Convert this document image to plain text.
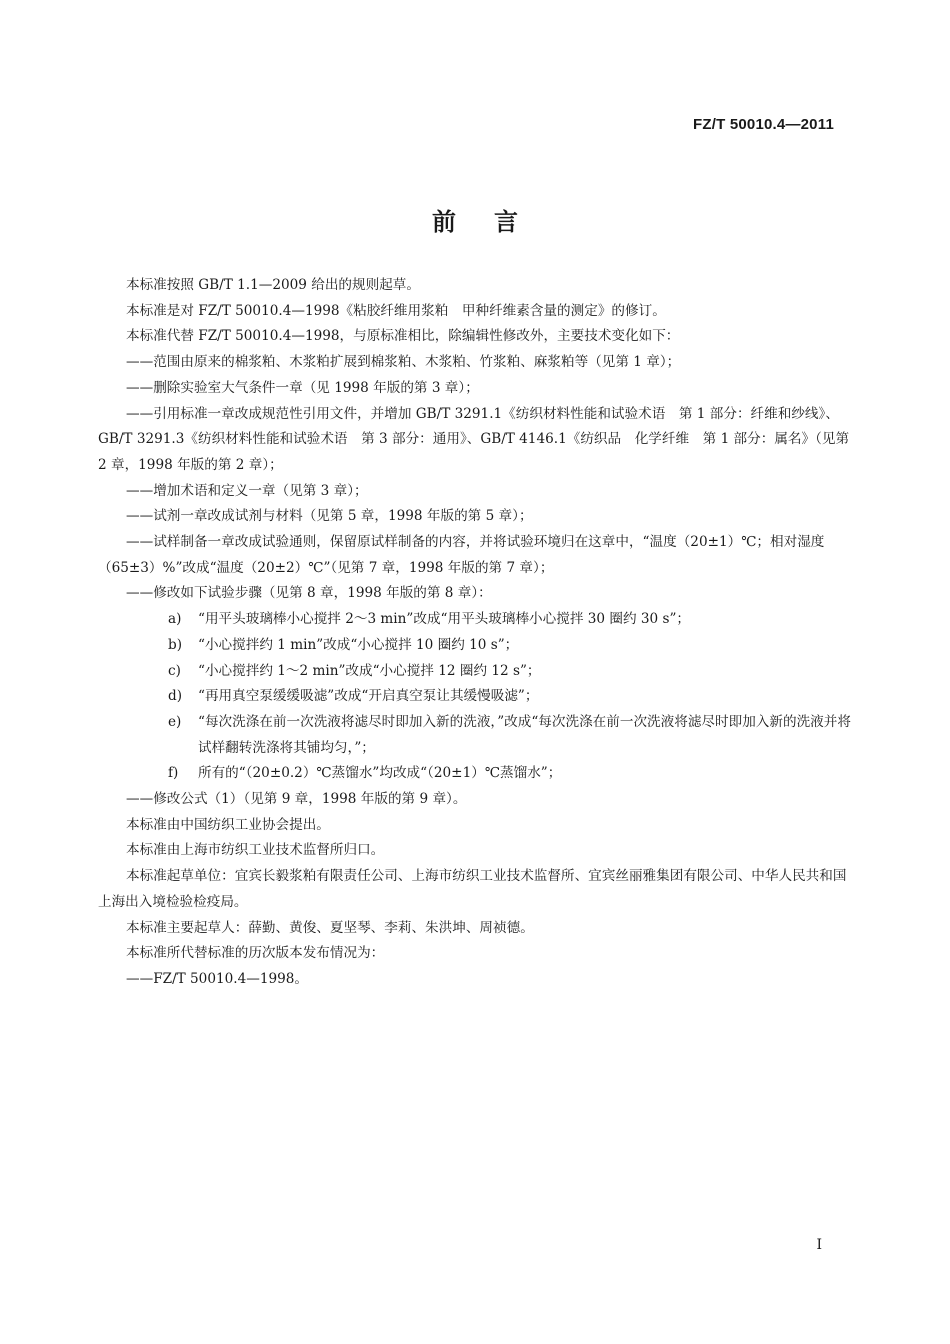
FZ/T 50010.4—2011
前言
本标准按照 GB/T 1.1—2009 给出的规则起草。
本标准是对 FZ/T 50010.4—1998《粘胶纤维用浆粕　甲种纤维素含量的测定》的修订。
本标准代替 FZ/T 50010.4—1998，与原标准相比，除编辑性修改外，主要技术变化如下：
——范围由原来的棉浆粕、木浆粕扩展到棉浆粕、木浆粕、竹浆粕、麻浆粕等（见第 1 章）；
——删除实验室大气条件一章（见 1998 年版的第 3 章）；
——引用标准一章改成规范性引用文件，并增加 GB/T 3291.1《纺织材料性能和试验术语　第 1 部分：纤维和纱线》、GB/T 3291.3《纺织材料性能和试验术语　第 3 部分：通用》、GB/T 4146.1《纺织品　化学纤维　第 1 部分：属名》（见第 2 章，1998 年版的第 2 章）；
——增加术语和定义一章（见第 3 章）；
——试剂一章改成试剂与材料（见第 5 章，1998 年版的第 5 章）；
——试样制备一章改成试验通则，保留原试样制备的内容，并将试验环境归在这章中，“温度（20±1）℃；相对湿度（65±3）%”改成“温度（20±2）℃”（见第 7 章，1998 年版的第 7 章）；
——修改如下试验步骤（见第 8 章，1998 年版的第 8 章）：
a)	“用平头玻璃棒小心搅拌 2～3 min”改成“用平头玻璃棒小心搅拌 30 圈约 30 s”；
b)	“小心搅拌约 1 min”改成“小心搅拌 10 圈约 10 s”；
c)	“小心搅拌约 1～2 min”改成“小心搅拌 12 圈约 12 s”；
d)	“再用真空泵缓缓吸滤”改成“开启真空泵让其缓慢吸滤”；
e)	“每次洗涤在前一次洗液将滤尽时即加入新的洗液，”改成“每次洗涤在前一次洗液将滤尽时即加入新的洗液并将试样翻转洗涤将其铺均匀，”；
f)	所有的“（20±0.2）℃蒸馏水”均改成“（20±1）℃蒸馏水”；
——修改公式（1）（见第 9 章，1998 年版的第 9 章）。
本标准由中国纺织工业协会提出。
本标准由上海市纺织工业技术监督所归口。
本标准起草单位：宜宾长毅浆粕有限责任公司、上海市纺织工业技术监督所、宜宾丝丽雅集团有限公司、中华人民共和国上海出入境检验检疫局。
本标准主要起草人：薛勤、黄俊、夏坚琴、李莉、朱洪坤、周祯德。
本标准所代替标准的历次版本发布情况为：
——FZ/T 50010.4—1998。
I
